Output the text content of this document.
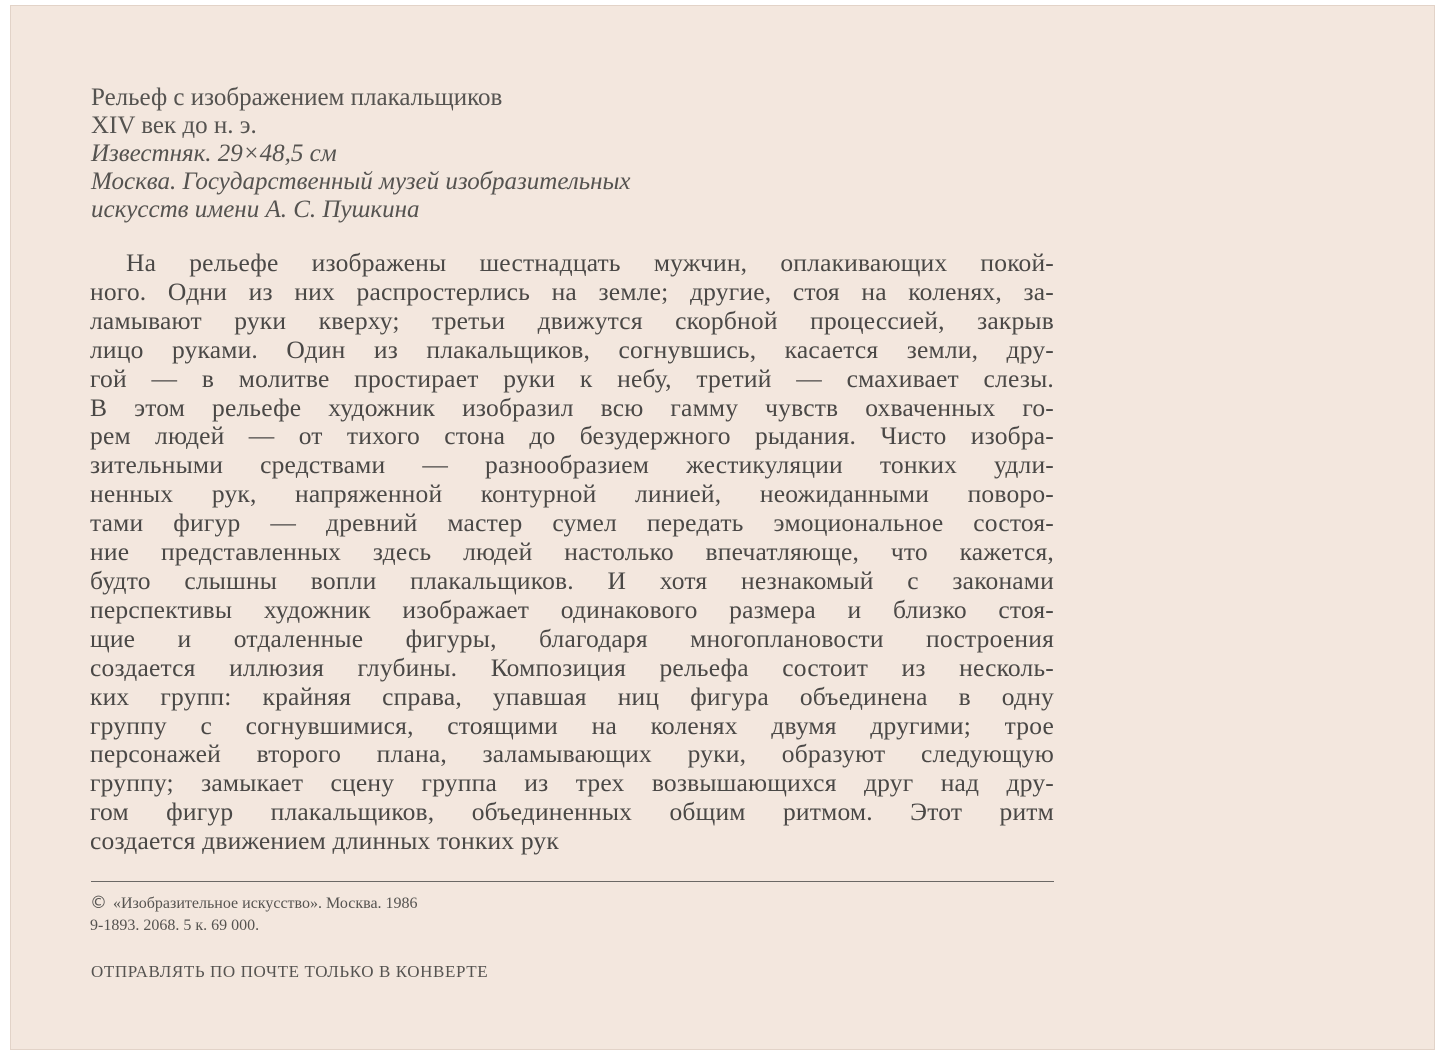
Рельеф с изображением плакальщиков
XIV век до н. э.
Известняк. 29×48,5 см
Москва. Государственный музей изобразительных
искусств имени А. С. Пушкина
На рельефе изображены шестнадцать мужчин, оплакивающих покой-
ного. Одни из них распростерлись на земле; другие, стоя на коленях, за-
ламывают руки кверху; третьи движутся скорбной процессией, закрыв
лицо руками. Один из плакальщиков, согнувшись, касается земли, дру-
гой — в молитве простирает руки к небу, третий — смахивает слезы.
В этом рельефе художник изобразил всю гамму чувств охваченных го-
рем людей — от тихого стона до безудержного рыдания. Чисто изобра-
зительными средствами — разнообразием жестикуляции тонких удли-
ненных рук, напряженной контурной линией, неожиданными поворо-
тами фигур — древний мастер сумел передать эмоциональное состоя-
ние представленных здесь людей настолько впечатляюще, что кажется,
будто слышны вопли плакальщиков. И хотя незнакомый с законами
перспективы художник изображает одинакового размера и близко стоя-
щие и отдаленные фигуры, благодаря многоплановости построения
создается иллюзия глубины. Композиция рельефа состоит из несколь-
ких групп: крайняя справа, упавшая ниц фигура объединена в одну
группу с согнувшимися, стоящими на коленях двумя другими; трое
персонажей второго плана, заламывающих руки, образуют следующую
группу; замыкает сцену группа из трех возвышающихся друг над дру-
гом фигур плакальщиков, объединенных общим ритмом. Этот ритм
создается движением длинных тонких рук
© «Изобразительное искусство». Москва. 1986
9-1893. 2068. 5 к. 69 000.
ОТПРАВЛЯТЬ ПО ПОЧТЕ ТОЛЬКО В КОНВЕРТЕ
